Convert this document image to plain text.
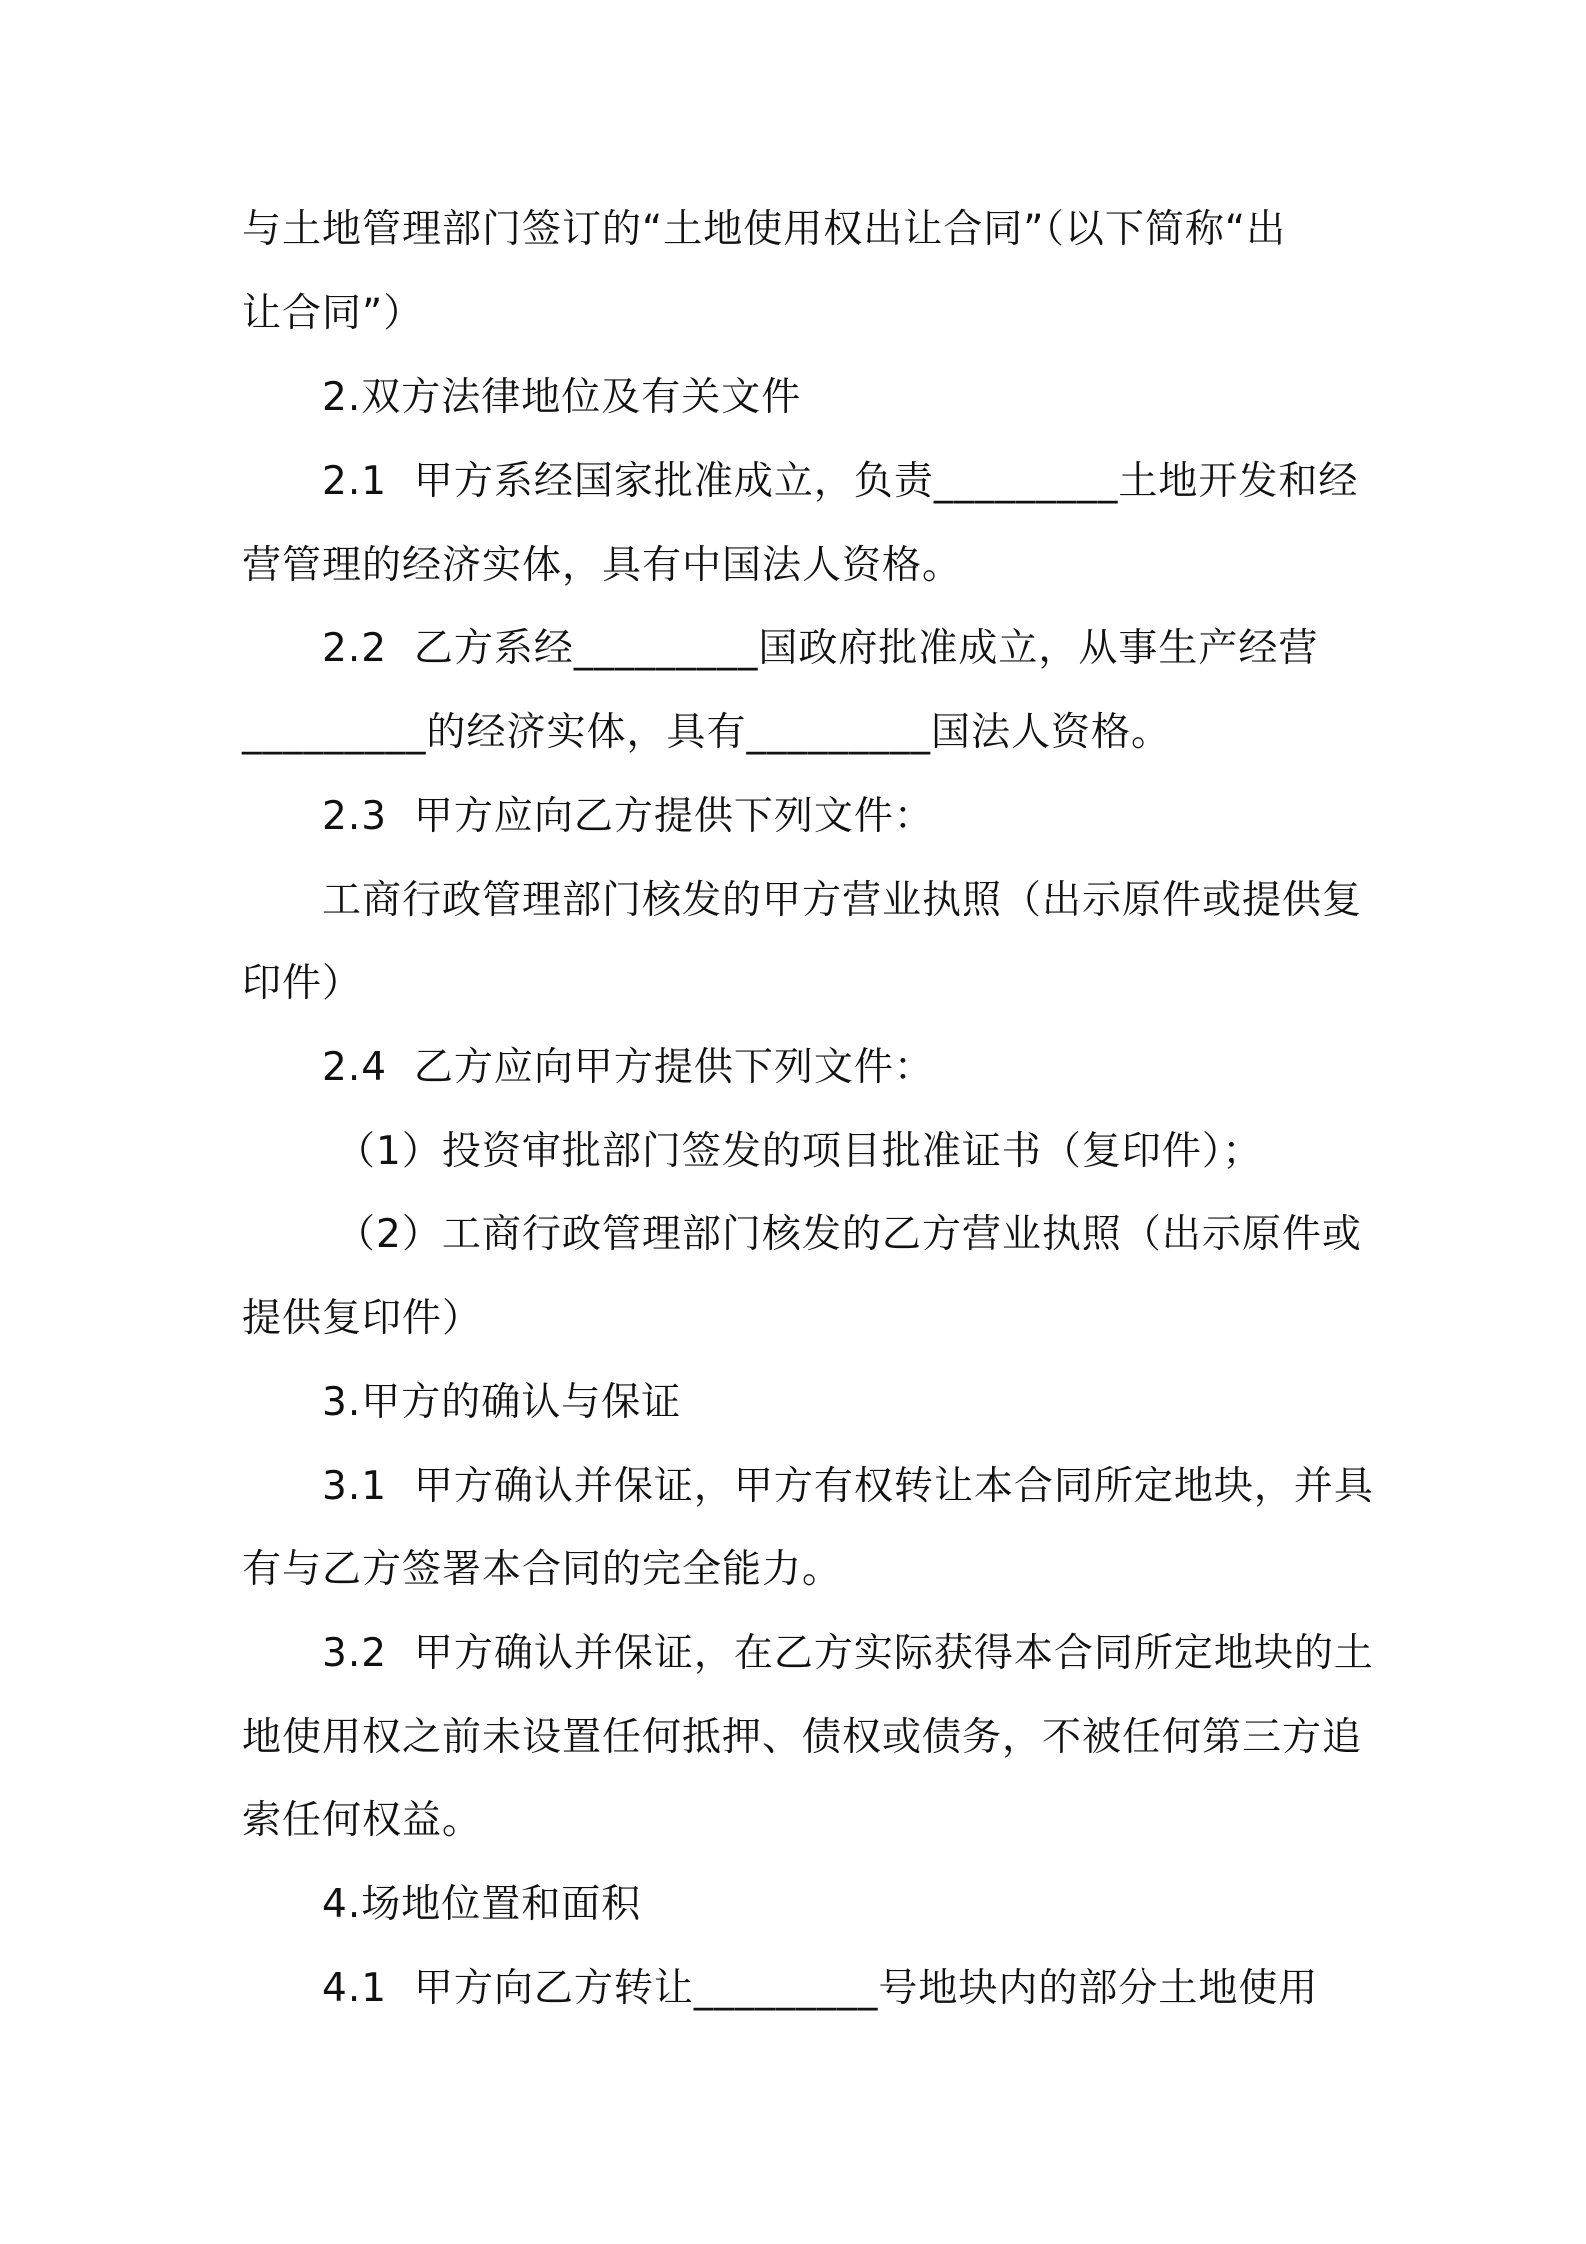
与土地管理部门签订的“土地使用权出让合同”（以下简称“出
让合同”）
2.双方法律地位及有关文件
2.1  甲方系经国家批准成立，负责_________土地开发和经
营管理的经济实体，具有中国法人资格。
2.2  乙方系经_________国政府批准成立，从事生产经营
_________的经济实体，具有_________国法人资格。
2.3  甲方应向乙方提供下列文件：
工商行政管理部门核发的甲方营业执照（出示原件或提供复
印件）
2.4  乙方应向甲方提供下列文件：
（1）投资审批部门签发的项目批准证书（复印件）；
（2）工商行政管理部门核发的乙方营业执照（出示原件或
提供复印件）
3.甲方的确认与保证
3.1  甲方确认并保证，甲方有权转让本合同所定地块，并具
有与乙方签署本合同的完全能力。
3.2  甲方确认并保证，在乙方实际获得本合同所定地块的土
地使用权之前未设置任何抵押、债权或债务，不被任何第三方追
索任何权益。
4.场地位置和面积
4.1  甲方向乙方转让_________号地块内的部分土地使用
